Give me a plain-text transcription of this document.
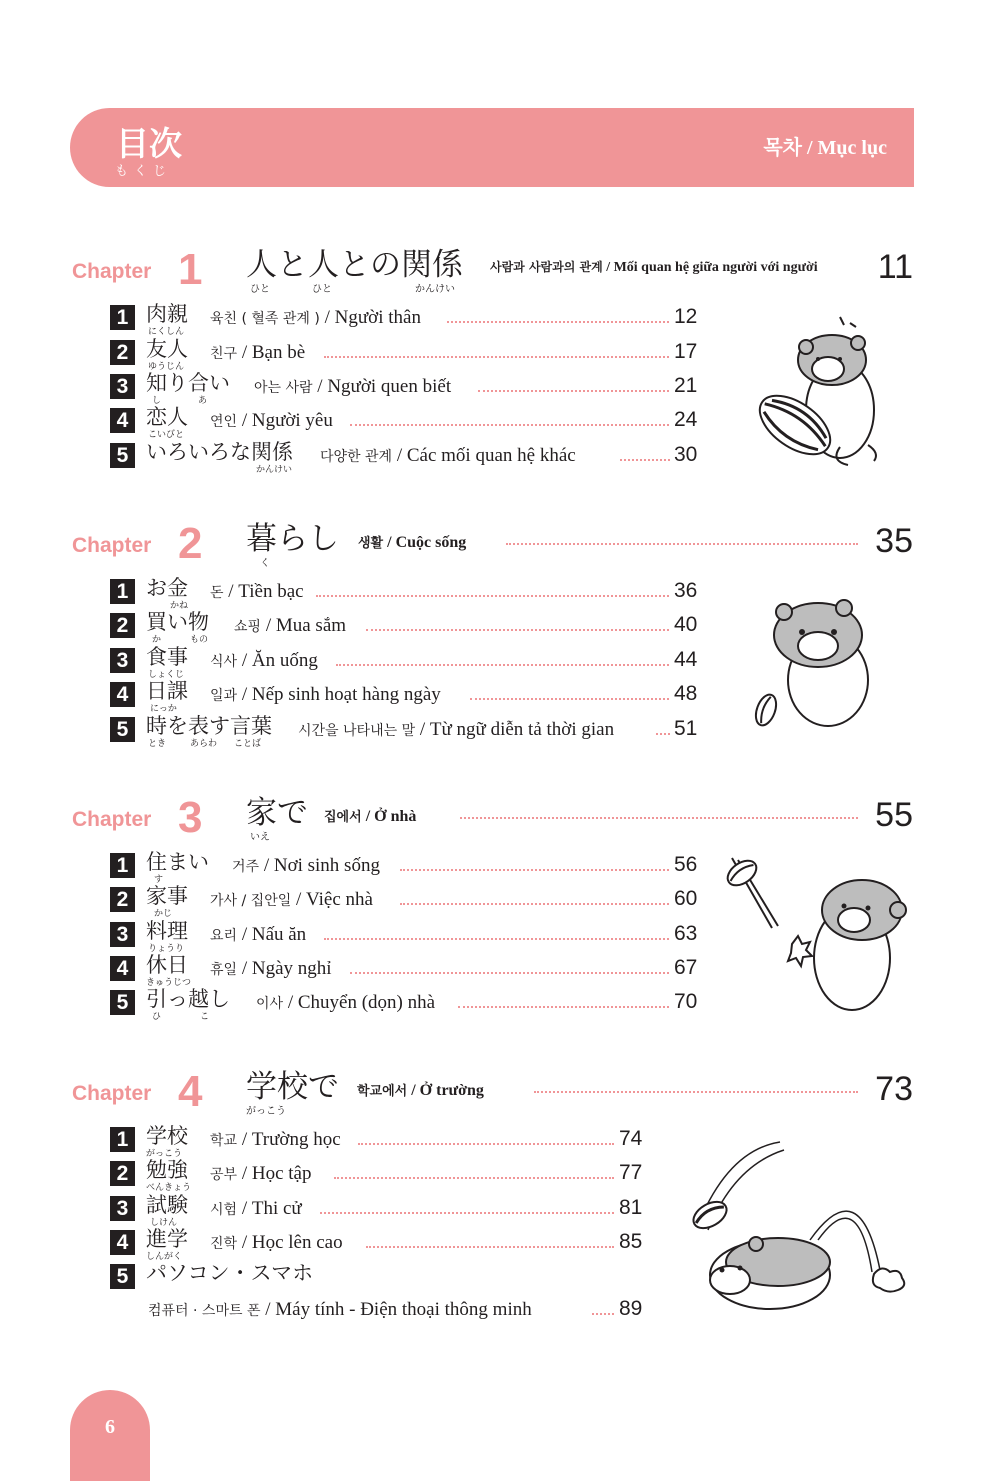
目次
もくじ
목차 / Mục lục
Chapter 1 人と人との関係
ひと	ひと	かんけい
사람과 사람과의 관계 / Mối quan hệ giữa người với người 11
1 肉親
にくしん
육친 ( 혈족 관계 ) / Người thân	12
2 友人
ゆうじん
친구 / Bạn bè	17
3 知り合い
し	あ
아는 사람 / Người quen biết	21
4 恋人
こいびと
연인 / Người yêu	24
5 いろいろな関係
かんけい
다양한 관계 / Các mối quan hệ khác	30
Chapter 2 暮らし
く
생활 / Cuộc sống	35
1 お金
かね
돈 / Tiền bạc	36
2 買い物
か	もの
쇼핑 / Mua sắm	40
3 食事
しょくじ
식사 / Ăn uống	44
4 日課
にっか
일과 / Nếp sinh hoạt hàng ngày	48
5 時を表す言葉
とき	あらわ ことば
시간을 나타내는 말 / Từ ngữ diễn tả thời gian	51
Chapter 3 家で
いえ
집에서 / Ở nhà	55
1 住まい
す
거주 / Nơi sinh sống	56
2 家事
かじ
가사 / 집안일 / Việc nhà	60
3 料理
りょうり
요리 / Nấu ăn	63
4 休日
きゅうじつ
휴일 / Ngày nghỉ	67
5 引っ越し
ひ	こ
이사 / Chuyển (dọn) nhà	70
Chapter 4 学校で
がっこう
학교에서 / Ở trường	73
1 学校
がっこう
학교 / Trường học	74
2 勉強
べんきょう
공부 / Học tập	77
3 試験
しけん
시험 / Thi cử	81
4 進学
しんがく
진학 / Học lên cao	85
5 パソコン・スマホ
컴퓨터 · 스마트 폰 / Máy tính - Điện thoại thông minh	89
6
